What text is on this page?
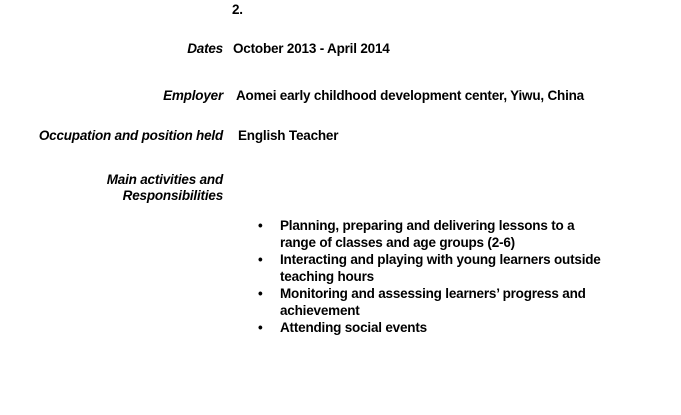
2.
Dates October 2013 - April 2014
Employer Aomei early childhood development center, Yiwu, China
Occupation and position held English Teacher
Main activities and
Responsibilities
• Planning, preparing and delivering lessons to a
range of classes and age groups (2-6)
• Interacting and playing with young learners outside
teaching hours
• Monitoring and assessing learners’ progress and
achievement
• Attending social events
